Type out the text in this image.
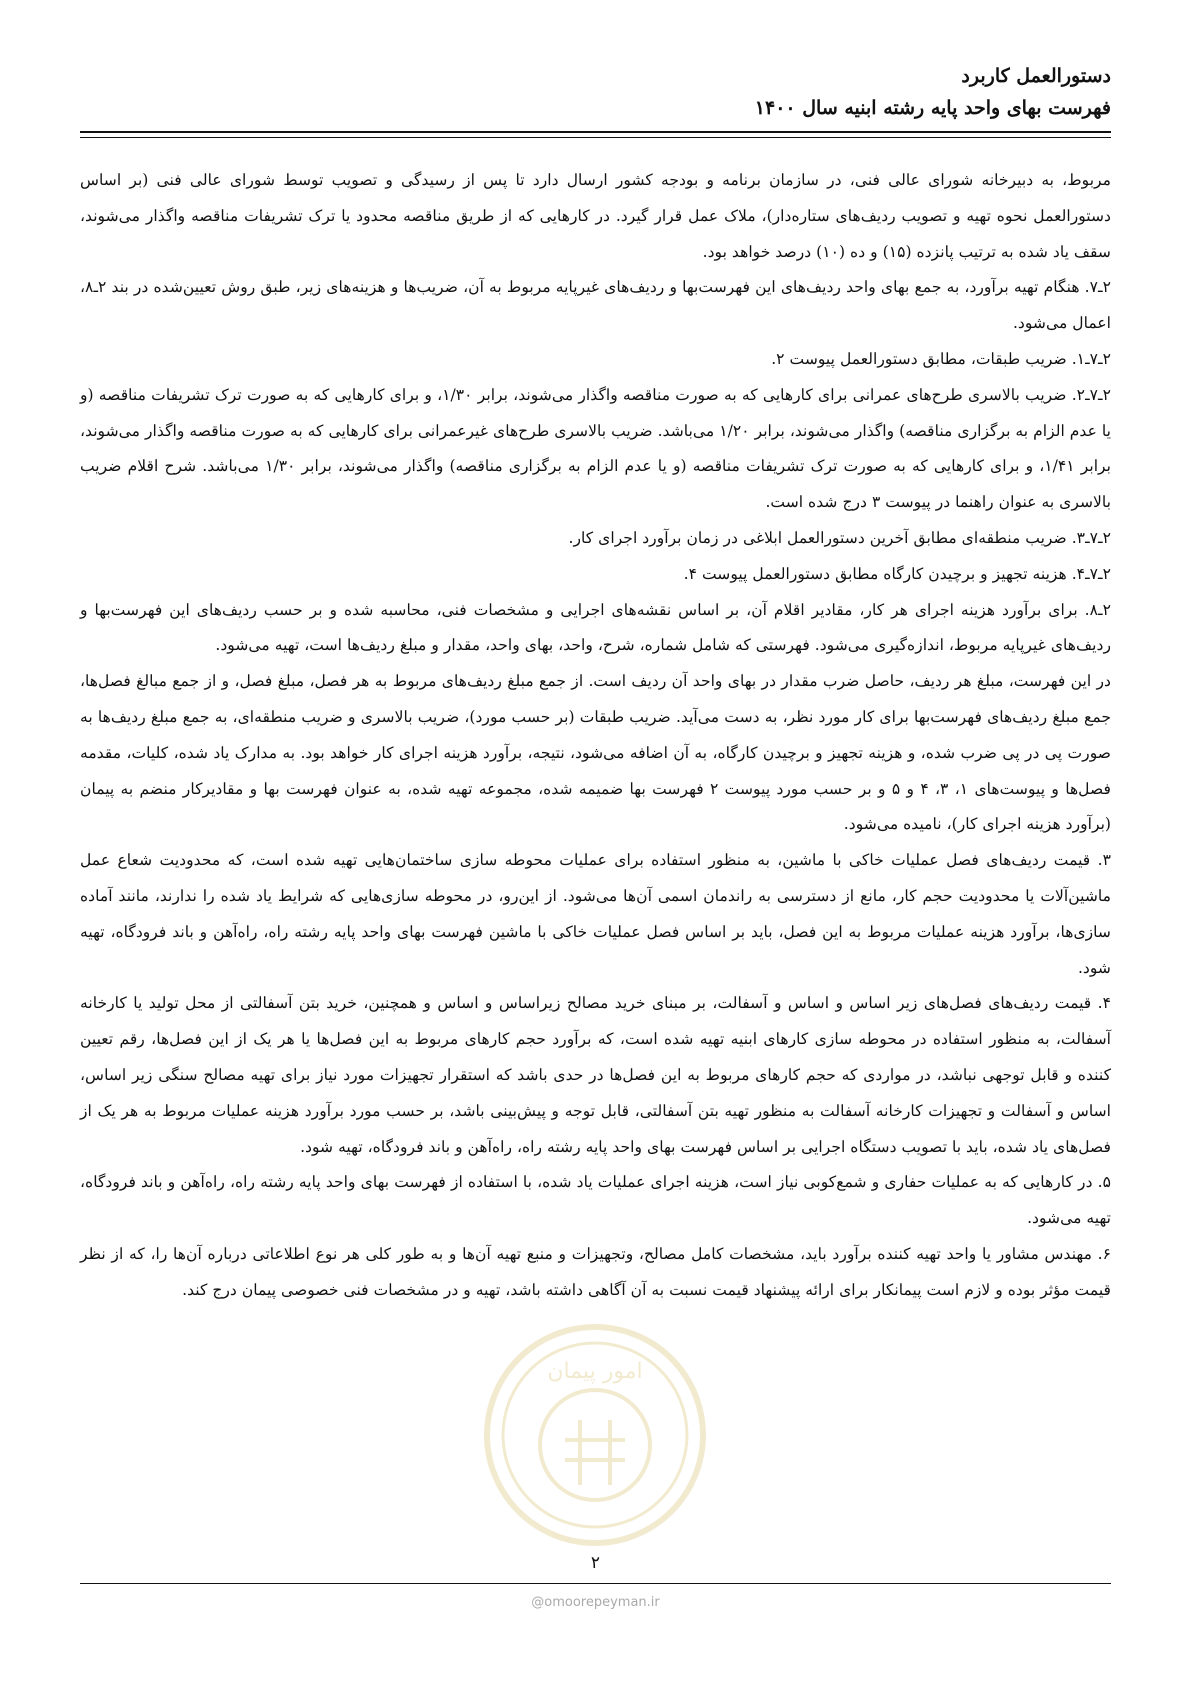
دستورالعمل کاربرد
فهرست بهای واحد پایه رشته ابنیه سال ۱۴۰۰

مربوط، به دبیرخانه شورای عالی فنی، در سازمان برنامه و بودجه کشور ارسال دارد تا پس از رسیدگی و تصویب توسط شورای عالی فنی (بر اساس دستورالعمل نحوه تهیه و تصویب ردیف‌های ستاره‌دار)، ملاک عمل قرار گیرد. در کارهایی که از طریق مناقصه محدود یا ترک تشریفات مناقصه واگذار می‌شوند، سقف یاد شده به ترتیب پانزده (۱۵) و ده (۱۰) درصد خواهد بود.

۲ـ۷. هنگام تهیه برآورد، به جمع بهای واحد ردیف‌های این فهرست‌بها و ردیف‌های غیرپایه مربوط به آن، ضریب‌ها و هزینه‌های زیر، طبق روش تعیین‌شده در بند ۲ـ۸، اعمال می‌شود.

۲ـ۷ـ۱. ضریب طبقات، مطابق دستورالعمل پیوست ۲.

۲ـ۷ـ۲. ضریب بالاسری طرح‌های عمرانی برای کارهایی که به صورت مناقصه واگذار می‌شوند، برابر ۱/۳۰، و برای کارهایی که به صورت ترک تشریفات مناقصه (و یا عدم الزام به برگزاری مناقصه) واگذار می‌شوند، برابر ۱/۲۰ می‌باشد. ضریب بالاسری طرح‌های غیرعمرانی برای کارهایی که به صورت مناقصه واگذار می‌شوند، برابر ۱/۴۱، و برای کارهایی که به صورت ترک تشریفات مناقصه (و یا عدم الزام به برگزاری مناقصه) واگذار می‌شوند، برابر ۱/۳۰ می‌باشد. شرح اقلام ضریب بالاسری به عنوان راهنما در پیوست ۳ درج شده است.

۲ـ۷ـ۳. ضریب منطقه‌ای مطابق آخرین دستورالعمل ابلاغی در زمان برآورد اجرای کار.

۲ـ۷ـ۴. هزینه تجهیز و برچیدن کارگاه مطابق دستورالعمل پیوست ۴.

۲ـ۸. برای برآورد هزینه اجرای هر کار، مقادیر اقلام آن، بر اساس نقشه‌های اجرایی و مشخصات فنی، محاسبه شده و بر حسب ردیف‌های این فهرست‌بها و ردیف‌های غیرپایه مربوط، اندازه‌گیری می‌شود. فهرستی که شامل شماره، شرح، واحد، بهای واحد، مقدار و مبلغ ردیف‌ها است، تهیه می‌شود.

در این فهرست، مبلغ هر ردیف، حاصل ضرب مقدار در بهای واحد آن ردیف است. از جمع مبلغ ردیف‌های مربوط به هر فصل، مبلغ فصل، و از جمع مبالغ فصل‌ها، جمع مبلغ ردیف‌های فهرست‌بها برای کار مورد نظر، به دست می‌آید. ضریب طبقات (بر حسب مورد)، ضریب بالاسری و ضریب منطقه‌ای، به جمع مبلغ ردیف‌ها به صورت پی در پی ضرب شده، و هزینه تجهیز و برچیدن کارگاه، به آن اضافه می‌شود، نتیجه، برآورد هزینه اجرای کار خواهد بود. به مدارک یاد شده، کلیات، مقدمه فصل‌ها و پیوست‌های ۱، ۳، ۴ و ۵ و بر حسب مورد پیوست ۲ فهرست بها ضمیمه شده، مجموعه تهیه شده، به عنوان فهرست بها و مقادیرکار منضم به پیمان (برآورد هزینه اجرای کار)، نامیده می‌شود.

۳. قیمت ردیف‌های فصل عملیات خاکی با ماشین، به منظور استفاده برای عملیات محوطه سازی ساختمان‌هایی تهیه شده است، که محدودیت شعاع عمل ماشین‌آلات یا محدودیت حجم کار، مانع از دسترسی به راندمان اسمی آن‌ها می‌شود. از این‌رو، در محوطه سازی‌هایی که شرایط یاد شده را ندارند، مانند آماده سازی‌ها، برآورد هزینه عملیات مربوط به این فصل، باید بر اساس فصل عملیات خاکی با ماشین فهرست بهای واحد پایه رشته راه، راه‌آهن و باند فرودگاه، تهیه شود.

۴. قیمت ردیف‌های فصل‌های زیر اساس و اساس و آسفالت، بر مبنای خرید مصالح زیراساس و اساس و همچنین، خرید بتن آسفالتی از محل تولید یا کارخانه آسفالت، به منظور استفاده در محوطه سازی کارهای ابنیه تهیه شده است، که برآورد حجم کارهای مربوط به این فصل‌ها یا هر یک از این فصل‌ها، رقم تعیین کننده و قابل توجهی نباشد، در مواردی که حجم کارهای مربوط به این فصل‌ها در حدی باشد که استقرار تجهیزات مورد نیاز برای تهیه مصالح سنگی زیر اساس، اساس و آسفالت و تجهیزات کارخانه آسفالت به منظور تهیه بتن آسفالتی، قابل توجه و پیش‌بینی باشد، بر حسب مورد برآورد هزینه عملیات مربوط به هر یک از فصل‌های یاد شده، باید با تصویب دستگاه اجرایی بر اساس فهرست بهای واحد پایه رشته راه، راه‌آهن و باند فرودگاه، تهیه شود.

۵. در کارهایی که به عملیات حفاری و شمع‌کوبی نیاز است، هزینه اجرای عملیات یاد شده، با استفاده از فهرست بهای واحد پایه رشته راه، راه‌آهن و باند فرودگاه، تهیه می‌شود.

۶. مهندس مشاور یا واحد تهیه کننده برآورد باید، مشخصات کامل مصالح، وتجهیزات و منبع تهیه آن‌ها و به طور کلی هر نوع اطلاعاتی درباره آن‌ها را، که از نظر قیمت مؤثر بوده و لازم است پیمانکار برای ارائه پیشنهاد قیمت نسبت به آن آگاهی داشته باشد، تهیه و در مشخصات فنی خصوصی پیمان درج کند.

امور پیمان
۲
@omoorepeyman.ir
